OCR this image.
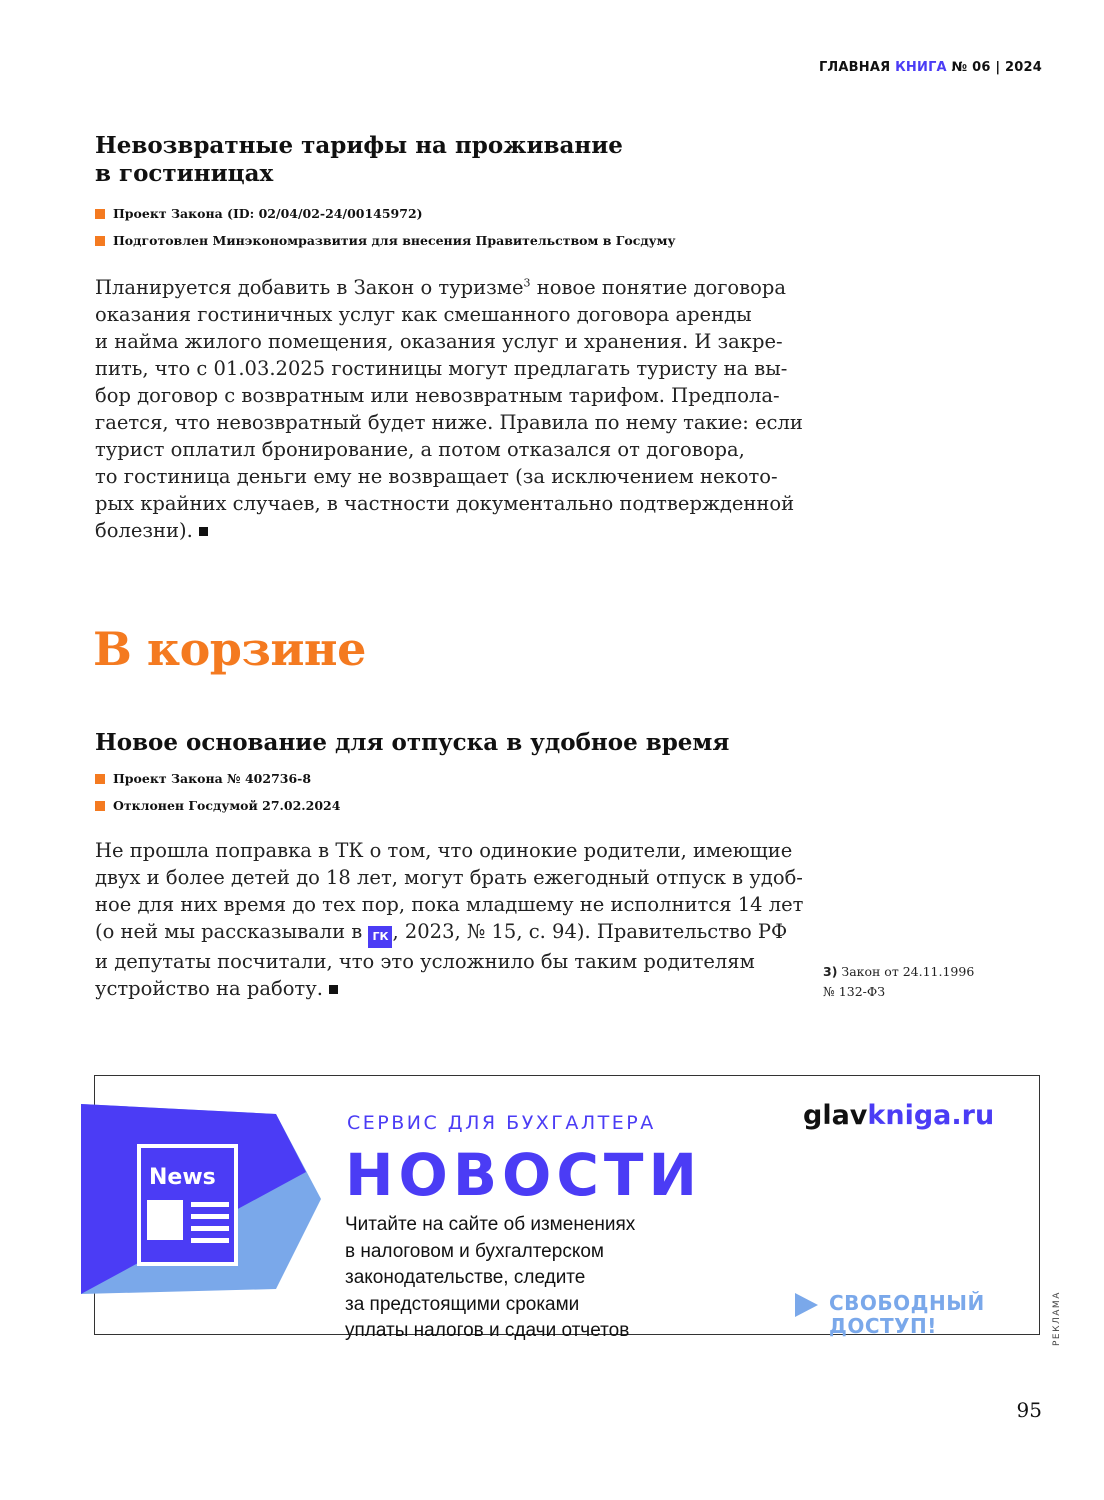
ГЛАВНАЯ КНИГА № 06 | 2024
Невозвратные тарифы на проживание
в гостиницах
Проект Закона (ID: 02/04/02-24/00145972)
Подготовлен Минэкономразвития для внесения Правительством в Госдуму
Планируется добавить в Закон о туризме$^3$ новое понятие договора
оказания гостиничных услуг как смешанного договора аренды
и найма жилого помещения, оказания услуг и хранения. И закре-
пить, что с 01.03.2025 гостиницы могут предлагать туристу на вы-
бор договор с возвратным или невозвратным тарифом. Предпола-
гается, что невозвратный будет ниже. Правила по нему такие: если
турист оплатил бронирование, а потом отказался от договора,
то гостиница деньги ему не возвращает (за исключением некото-
рых крайних случаев, в частности документально подтвержденной
болезни).
В корзине
Новое основание для отпуска в удобное время
Проект Закона № 402736-8
Отклонен Госдумой 27.02.2024
Не прошла поправка в ТК о том, что одинокие родители, имеющие
двух и более детей до 18 лет, могут брать ежегодный отпуск в удоб-
ное для них время до тех пор, пока младшему не исполнится 14 лет
(о ней мы рассказывали в ГК , 2023, № 15, с. 94). Правительство РФ
и депутаты посчитали, что это усложнило бы таким родителям
устройство на работу.
3) Закон от 24.11.1996
№ 132-ФЗ
News
СЕРВИС ДЛЯ БУХГАЛТЕРА
НОВОСТИ
Читайте на сайте об изменениях
в налоговом и бухгалтерском
законодательстве, следите
за предстоящими сроками
уплаты налогов и сдачи отчетов
glavkniga.ru
СВОБОДНЫЙ
ДОСТУП!	РЕКЛАМА
95
